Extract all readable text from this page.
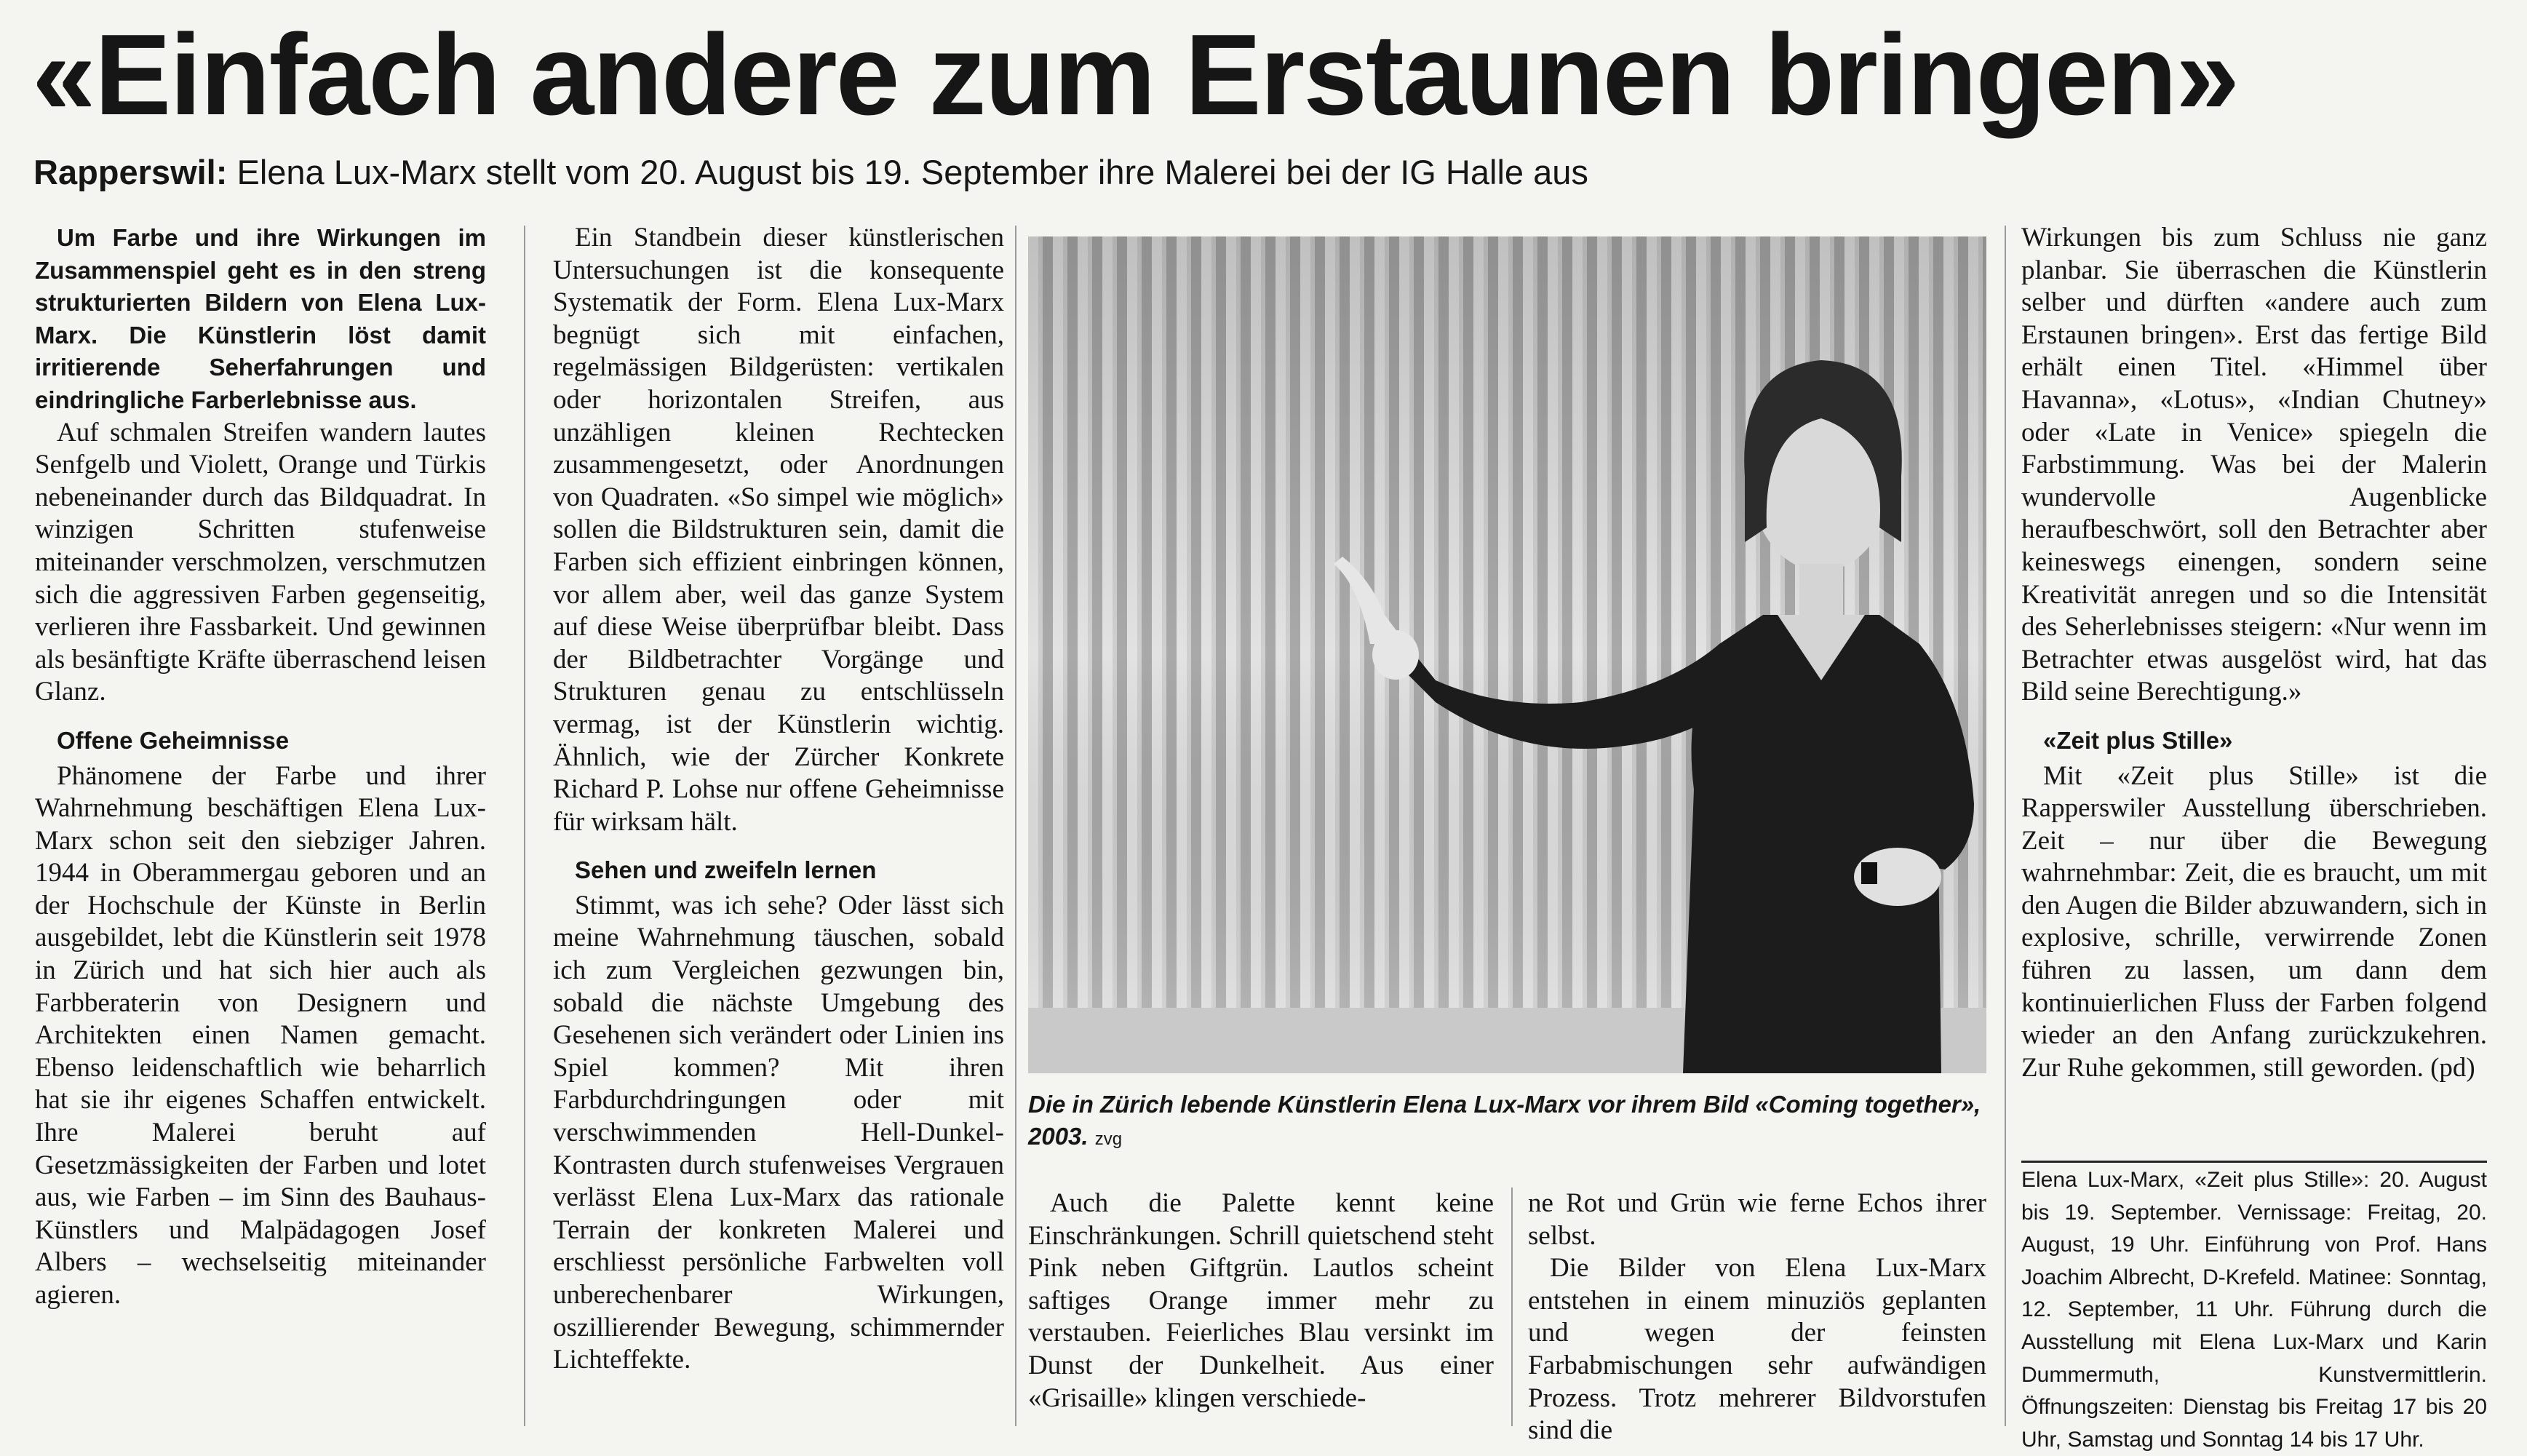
«Einfach andere zum Erstaunen bringen»
Rapperswil: Elena Lux-Marx stellt vom 20. August bis 19. September ihre Malerei bei der IG Halle aus

Um Farbe und ihre Wirkungen im Zusammenspiel geht es in den streng strukturierten Bildern von Elena Lux-Marx. Die Künstlerin löst damit irritierende Seherfahrungen und eindringliche Farberlebnisse aus.

Auf schmalen Streifen wandern lautes Senfgelb und Violett, Orange und Türkis nebeneinander durch das Bildquadrat. In winzigen Schritten stufenweise miteinander verschmolzen, verschmutzen sich die aggressiven Farben gegenseitig, verlieren ihre Fassbarkeit. Und gewinnen als besänftigte Kräfte überraschend leisen Glanz.

Offene Geheimnisse

Phänomene der Farbe und ihrer Wahrnehmung beschäftigen Elena Lux-Marx schon seit den siebziger Jahren. 1944 in Oberammergau geboren und an der Hochschule der Künste in Berlin ausgebildet, lebt die Künstlerin seit 1978 in Zürich und hat sich hier auch als Farbberaterin von Designern und Architekten einen Namen gemacht. Ebenso leidenschaftlich wie beharrlich hat sie ihr eigenes Schaffen entwickelt. Ihre Malerei beruht auf Gesetzmässigkeiten der Farben und lotet aus, wie Farben – im Sinn des Bauhaus-Künstlers und Malpädagogen Josef Albers – wechselseitig miteinander agieren.

Ein Standbein dieser künstlerischen Untersuchungen ist die konsequente Systematik der Form. Elena Lux-Marx begnügt sich mit einfachen, regelmässigen Bildgerüsten: vertikalen oder horizontalen Streifen, aus unzähligen kleinen Rechtecken zusammengesetzt, oder Anordnungen von Quadraten. «So simpel wie möglich» sollen die Bildstrukturen sein, damit die Farben sich effizient einbringen können, vor allem aber, weil das ganze System auf diese Weise überprüfbar bleibt. Dass der Bildbetrachter Vorgänge und Strukturen genau zu entschlüsseln vermag, ist der Künstlerin wichtig. Ähnlich, wie der Zürcher Konkrete Richard P. Lohse nur offene Geheimnisse für wirksam hält.

Sehen und zweifeln lernen

Stimmt, was ich sehe? Oder lässt sich meine Wahrnehmung täuschen, sobald ich zum Vergleichen gezwungen bin, sobald die nächste Umgebung des Gesehenen sich verändert oder Linien ins Spiel kommen? Mit ihren Farbdurchdringungen oder mit verschwimmenden Hell-Dunkel-Kontrasten durch stufenweises Vergrauen verlässt Elena Lux-Marx das rationale Terrain der konkreten Malerei und erschliesst persönliche Farbwelten voll unberechenbarer Wirkungen, oszillierender Bewegung, schimmernder Lichteffekte.

Die in Zürich lebende Künstlerin Elena Lux-Marx vor ihrem Bild «Coming together», 2003. zvg

Auch die Palette kennt keine Einschränkungen. Schrill quietschend steht Pink neben Giftgrün. Lautlos scheint saftiges Orange immer mehr zu verstauben. Feierliches Blau versinkt im Dunst der Dunkelheit. Aus einer «Grisaille» klingen verschiede-

ne Rot und Grün wie ferne Echos ihrer selbst.

Die Bilder von Elena Lux-Marx entstehen in einem minuziös geplanten und wegen der feinsten Farbabmischungen sehr aufwändigen Prozess. Trotz mehrerer Bildvorstufen sind die

Wirkungen bis zum Schluss nie ganz planbar. Sie überraschen die Künstlerin selber und dürften «andere auch zum Erstaunen bringen». Erst das fertige Bild erhält einen Titel. «Himmel über Havanna», «Lotus», «Indian Chutney» oder «Late in Venice» spiegeln die Farbstimmung. Was bei der Malerin wundervolle Augenblicke heraufbeschwört, soll den Betrachter aber keineswegs einengen, sondern seine Kreativität anregen und so die Intensität des Seherlebnisses steigern: «Nur wenn im Betrachter etwas ausgelöst wird, hat das Bild seine Berechtigung.»

«Zeit plus Stille»

Mit «Zeit plus Stille» ist die Rapperswiler Ausstellung überschrieben. Zeit – nur über die Bewegung wahrnehmbar: Zeit, die es braucht, um mit den Augen die Bilder abzuwandern, sich in explosive, schrille, verwirrende Zonen führen zu lassen, um dann dem kontinuierlichen Fluss der Farben folgend wieder an den Anfang zurückzukehren. Zur Ruhe gekommen, still geworden. (pd)

Elena Lux-Marx, «Zeit plus Stille»: 20. August bis 19. September. Vernissage: Freitag, 20. August, 19 Uhr. Einführung von Prof. Hans Joachim Albrecht, D-Krefeld. Matinee: Sonntag, 12. September, 11 Uhr. Führung durch die Ausstellung mit Elena Lux-Marx und Karin Dummermuth, Kunstvermittlerin. Öffnungszeiten: Dienstag bis Freitag 17 bis 20 Uhr, Samstag und Sonntag 14 bis 17 Uhr.
